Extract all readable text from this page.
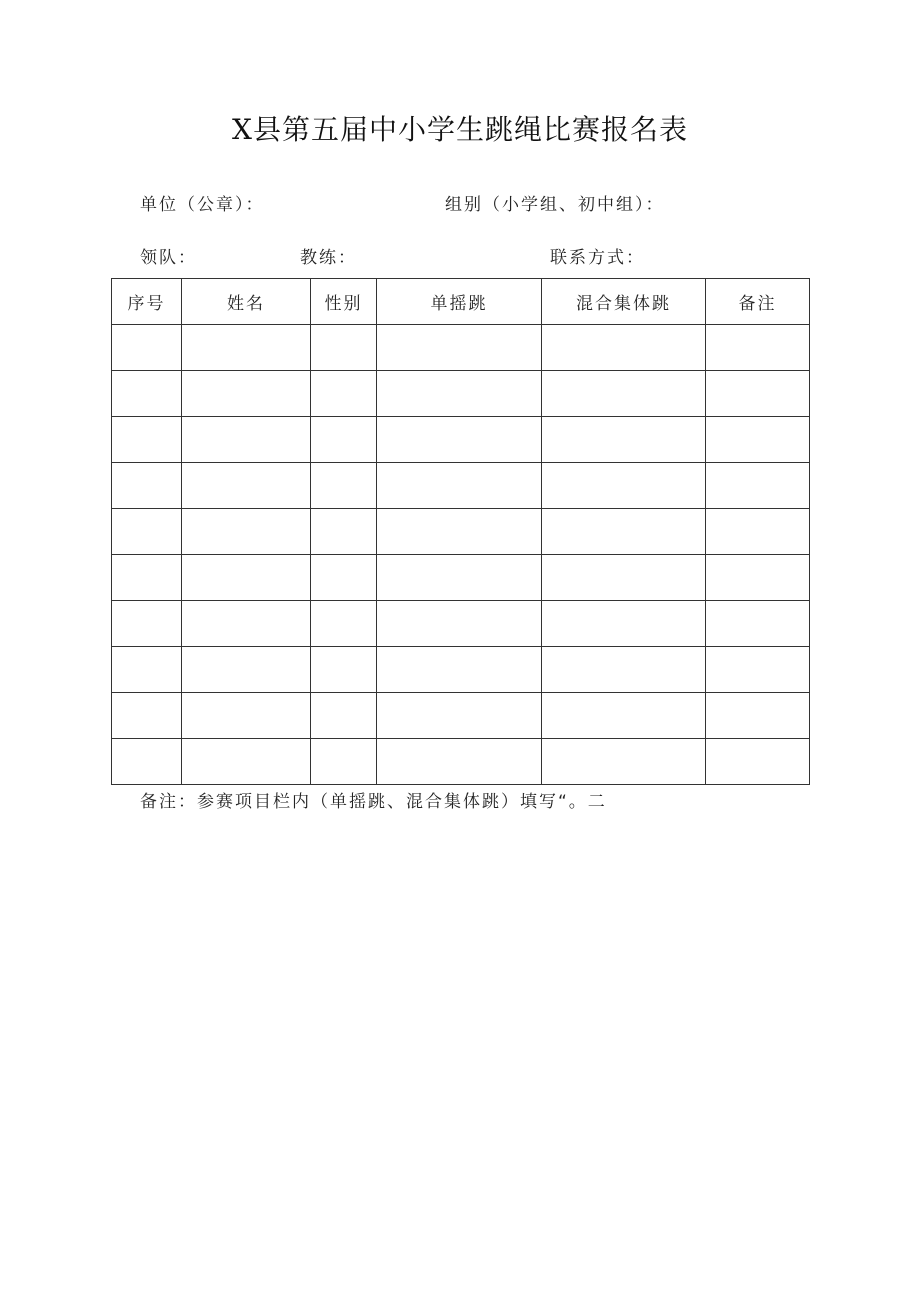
X县第五届中小学生跳绳比赛报名表
单位（公章）：	组别（小学组、初中组）：
领队：	教练：	联系方式：
序号	姓名	性别	单摇跳	混合集体跳	备注

备注：参赛项目栏内（单摇跳、混合集体跳）填写“。二
